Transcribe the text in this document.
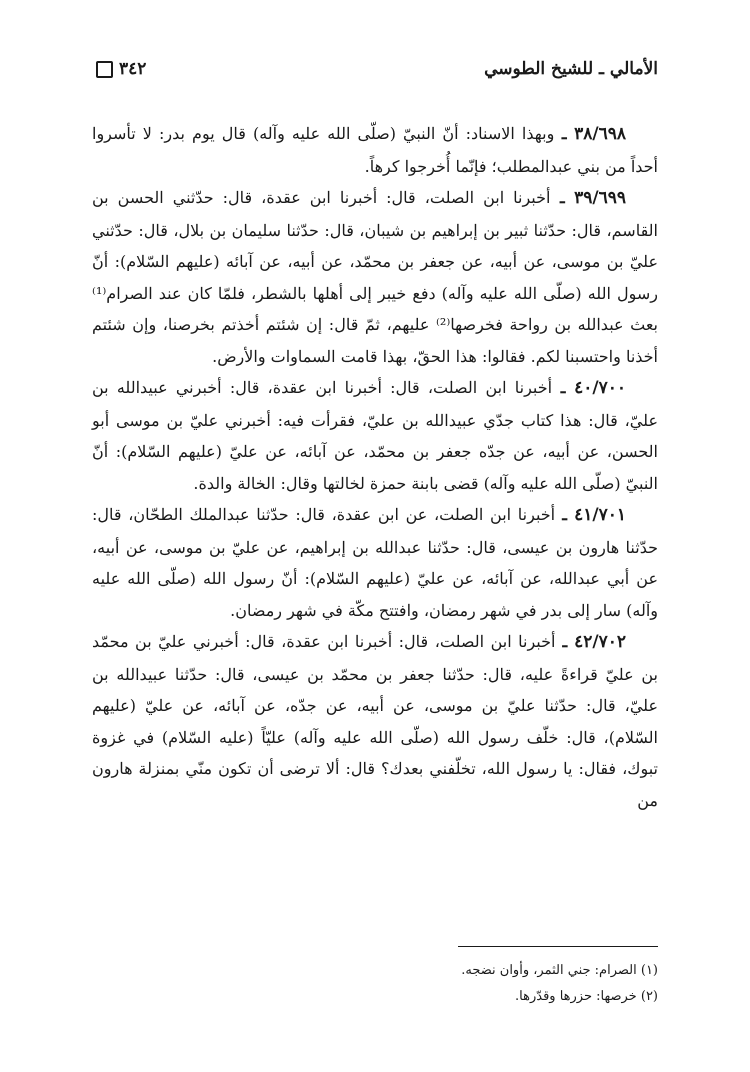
الأمالي ـ للشيخ الطوسي
٣٤٢

٣٨/٦٩٨ ـ وبهذا الاسناد: أنّ النبيّ (صلّى الله عليه وآله) قال يوم بدر: لا تأسروا أحداً من بني عبدالمطلب؛ فإنّما أُخرجوا كرهاً.

٣٩/٦٩٩ ـ أخبرنا ابن الصلت، قال: أخبرنا ابن عقدة، قال: حدّثني الحسن بن القاسم، قال: حدّثنا ثبير بن إبراهيم بن شيبان، قال: حدّثنا سليمان بن بلال، قال: حدّثني عليّ بن موسى، عن أبيه، عن جعفر بن محمّد، عن أبيه، عن آبائه (عليهم السّلام): أنّ رسول الله (صلّى الله عليه وآله) دفع خيبر إلى أهلها بالشطر، فلمّا كان عند الصرام⁽¹⁾ بعث عبدالله بن رواحة فخرصها⁽²⁾ عليهم، ثمّ قال: إن شئتم أخذتم بخرصنا، وإن شئتم أخذنا واحتسبنا لكم. فقالوا: هذا الحقّ، بهذا قامت السماوات والأرض.

٤٠/٧٠٠ ـ أخبرنا ابن الصلت، قال: أخبرنا ابن عقدة، قال: أخبرني عبيدالله بن عليّ، قال: هذا كتاب جدّي عبيدالله بن عليّ، فقرأت فيه: أخبرني عليّ بن موسى أبو الحسن، عن أبيه، عن جدّه جعفر بن محمّد، عن آبائه، عن عليّ (عليهم السّلام): أنّ النبيّ (صلّى الله عليه وآله) قضى بابنة حمزة لخالتها وقال: الخالة والدة.

٤١/٧٠١ ـ أخبرنا ابن الصلت، عن ابن عقدة، قال: حدّثنا عبدالملك الطحّان، قال: حدّثنا هارون بن عيسى، قال: حدّثنا عبدالله بن إبراهيم، عن عليّ بن موسى، عن أبيه، عن أبي عبدالله، عن آبائه، عن عليّ (عليهم السّلام): أنّ رسول الله (صلّى الله عليه وآله) سار إلى بدر في شهر رمضان، وافتتح مكّة في شهر رمضان.

٤٢/٧٠٢ ـ أخبرنا ابن الصلت، قال: أخبرنا ابن عقدة، قال: أخبرني عليّ بن محمّد بن عليّ قراءةً عليه، قال: حدّثنا جعفر بن محمّد بن عيسى، قال: حدّثنا عبيدالله بن عليّ، قال: حدّثنا عليّ بن موسى، عن أبيه، عن جدّه، عن آبائه، عن عليّ (عليهم السّلام)، قال: خلّف رسول الله (صلّى الله عليه وآله) عليّاً (عليه السّلام) في غزوة تبوك، فقال: يا رسول الله، تخلّفني بعدك؟ قال: ألا ترضى أن تكون منّي بمنزلة هارون من

(١) الصرام: جني الثمر، وأوان نضجه.

(٢) خرصها: حزرها وقدّرها.
